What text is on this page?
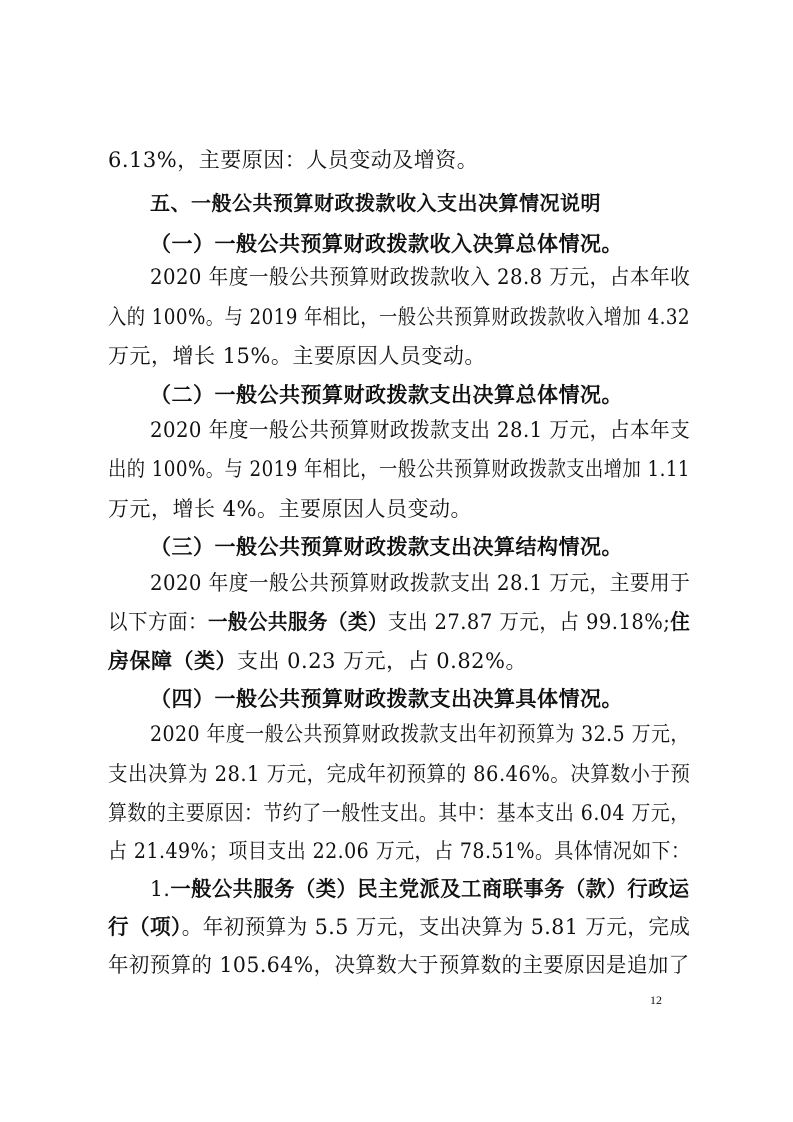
6.13%，主要原因：人员变动及增资。
五、一般公共预算财政拨款收入支出决算情况说明
（一）一般公共预算财政拨款收入决算总体情况。
2020 年度一般公共预算财政拨款收入 28.8 万元，占本年收
入的 100%。与 2019 年相比，一般公共预算财政拨款收入增加 4.32
万元，增长 15%。主要原因人员变动。
（二）一般公共预算财政拨款支出决算总体情况。
2020 年度一般公共预算财政拨款支出 28.1 万元，占本年支
出的 100%。与 2019 年相比，一般公共预算财政拨款支出增加 1.11
万元，增长 4%。主要原因人员变动。
（三）一般公共预算财政拨款支出决算结构情况。
2020 年度一般公共预算财政拨款支出 28.1 万元，主要用于
以下方面：一般公共服务（类）支出 27.87 万元，占 99.18%;住
房保障（类）支出 0.23 万元，占 0.82%。
（四）一般公共预算财政拨款支出决算具体情况。
2020 年度一般公共预算财政拨款支出年初预算为 32.5 万元，
支出决算为 28.1 万元，完成年初预算的 86.46%。决算数小于预
算数的主要原因：节约了一般性支出。其中：基本支出 6.04 万元，
占 21.49%；项目支出 22.06 万元，占 78.51%。具体情况如下：
1.一般公共服务（类）民主党派及工商联事务（款）行政运
行（项）。年初预算为 5.5 万元，支出决算为 5.81 万元，完成
年初预算的 105.64%，决算数大于预算数的主要原因是追加了
12
